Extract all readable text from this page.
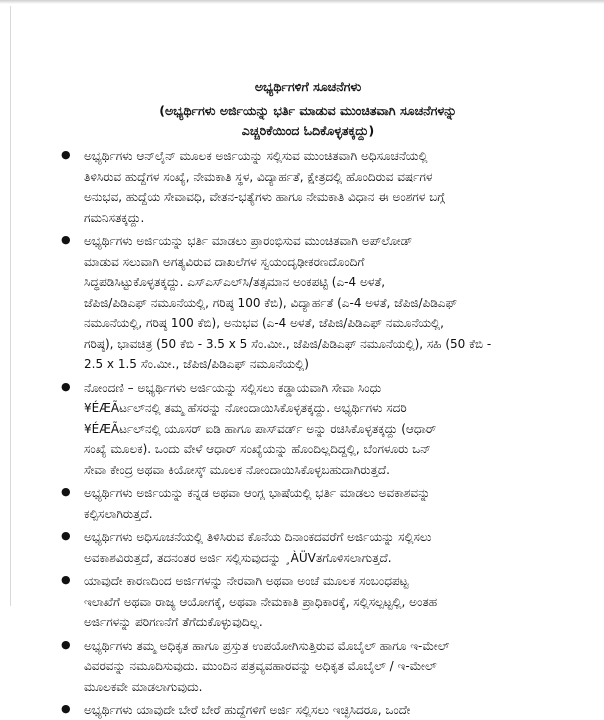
ಅಭ್ಯರ್ಥಿಗಳಿಗೆ ಸೂಚನೆಗಳು
(ಅಭ್ಯರ್ಥಿಗಳು ಅರ್ಜಿಯನ್ನು ಭರ್ತಿ ಮಾಡುವ ಮುಂಚಿತವಾಗಿ ಸೂಚನೆಗಳನ್ನು
ಎಚ್ಚರಿಕೆಯಿಂದ ಓದಿಕೊಳ್ಳತಕ್ಕದ್ದು)
● ಅಭ್ಯರ್ಥಿಗಳು ಆನ್‌ಲೈನ್ ಮೂಲಕ ಅರ್ಜಿಯನ್ನು ಸಲ್ಲಿಸುವ ಮುಂಚಿತವಾಗಿ ಅಧಿಸೂಚನೆಯಲ್ಲಿ
ತಿಳಿಸಿರುವ ಹುದ್ದೆಗಳ ಸಂಖ್ಯೆ, ನೇಮಕಾತಿ ಸ್ಥಳ, ವಿದ್ಯಾರ್ಹತೆ, ಕ್ಷೇತ್ರದಲ್ಲಿ ಹೊಂದಿರುವ ವರ್ಷಗಳ
ಅನುಭವ, ಹುದ್ದೆಯ ಸೇವಾವಧಿ, ವೇತನ-ಭತ್ಯೆಗಳು ಹಾಗೂ ನೇಮಕಾತಿ ವಿಧಾನ ಈ ಅಂಶಗಳ ಬಗ್ಗೆ
ಗಮನಿಸತಕ್ಕದ್ದು.
● ಅಭ್ಯರ್ಥಿಗಳು ಅರ್ಜಿಯನ್ನು ಭರ್ತಿ ಮಾಡಲು ಪ್ರಾರಂಭಿಸುವ ಮುಂಚಿತವಾಗಿ ಅಪ್‌ಲೋಡ್
ಮಾಡುವ ಸಲುವಾಗಿ ಅಗತ್ಯವಿರುವ ದಾಖಲೆಗಳ ಸ್ವಯಂದೃಢೀಕರಣದೊಂದಿಗೆ
ಸಿದ್ಧಪಡಿಸಿಟ್ಟುಕೊಳ್ಳತಕ್ಕದ್ದು. ಎಸ್‌ಎಸ್‌ಎಲ್‌ಸಿ/ತತ್ಸಮಾನ ಅಂಕಪಟ್ಟಿ (ಎ-4 ಅಳತೆ,
ಜೆಪಿಜಿ/ಪಿಡಿಎಫ್ ನಮೂನೆಯಲ್ಲಿ, ಗರಿಷ್ಠ 100 ಕೆಬಿ), ವಿದ್ಯಾರ್ಹತೆ (ಎ-4 ಅಳತೆ, ಜೆಪಿಜಿ/ಪಿಡಿಎಫ್
ನಮೂನೆಯಲ್ಲಿ, ಗರಿಷ್ಠ 100 ಕೆಬಿ), ಅನುಭವ (ಎ-4 ಅಳತೆ, ಜೆಪಿಜಿ/ಪಿಡಿಎಫ್ ನಮೂನೆಯಲ್ಲಿ,
ಗರಿಷ್ಠ), ಭಾವಚಿತ್ರ (50 ಕೆಬಿ - 3.5 x 5 ಸೆಂ.ಮೀ., ಜೆಪಿಜಿ/ಪಿಡಿಎಫ್ ನಮೂನೆಯಲ್ಲಿ), ಸಹಿ (50 ಕೆಬಿ -
2.5 x 1.5 ಸೆಂ.ಮೀ., ಜೆಪಿಜಿ/ಪಿಡಿಎಫ್ ನಮೂನೆಯಲ್ಲಿ)
● ನೋಂದಣಿ – ಅಭ್ಯರ್ಥಿಗಳು ಅರ್ಜಿಯನ್ನು ಸಲ್ಲಿಸಲು ಕಡ್ಡಾಯವಾಗಿ ಸೇವಾ ಸಿಂಧು
¥ÉÆÃರ್ಟಲ್‌ನಲ್ಲಿ ತಮ್ಮ ಹೆಸರನ್ನು ನೋಂದಾಯಿಸಿಕೊಳ್ಳತಕ್ಕದ್ದು. ಅಭ್ಯರ್ಥಿಗಳು ಸದರಿ
¥ÉÆÃರ್ಟಲ್‌ನಲ್ಲಿ ಯೂಸರ್ ಐಡಿ ಹಾಗೂ ಪಾಸ್‌ವರ್ಡ್ ಅನ್ನು ರಚಿಸಿಕೊಳ್ಳತಕ್ಕದ್ದು (ಆಧಾರ್
ಸಂಖ್ಯೆ ಮೂಲಕ). ಒಂದು ವೇಳೆ ಆಧಾರ್ ಸಂಖ್ಯೆಯನ್ನು ಹೊಂದಿಲ್ಲದಿದ್ದಲ್ಲಿ, ಬೆಂಗಳೂರು ಒನ್
ಸೇವಾ ಕೇಂದ್ರ ಅಥವಾ ಕಿಯೋಸ್ಕ್ ಮೂಲಕ ನೋಂದಾಯಿಸಿಕೊಳ್ಳಬಹುದಾಗಿರುತ್ತದೆ.
● ಅಭ್ಯರ್ಥಿಗಳು ಅರ್ಜಿಯನ್ನು ಕನ್ನಡ ಅಥವಾ ಆಂಗ್ಲ ಭಾಷೆಯಲ್ಲಿ ಭರ್ತಿ ಮಾಡಲು ಅವಕಾಶವನ್ನು
ಕಲ್ಪಿಸಲಾಗಿರುತ್ತದೆ.
● ಅಭ್ಯರ್ಥಿಗಳು ಅಧಿಸೂಚನೆಯಲ್ಲಿ ತಿಳಿಸಿರುವ ಕೊನೆಯ ದಿನಾಂಕದವರೆಗೆ ಅರ್ಜಿಯನ್ನು ಸಲ್ಲಿಸಲು
ಅವಕಾಶವಿರುತ್ತದೆ, ತದನಂತರ ಅರ್ಜಿ ಸಲ್ಲಿಸುವುದನ್ನು ¸ÀÜVತಗೊಳಿಸಲಾಗುತ್ತದೆ.
● ಯಾವುದೇ ಕಾರಣದಿಂದ ಅರ್ಜಿಗಳನ್ನು ನೇರವಾಗಿ ಅಥವಾ ಅಂಚೆ ಮೂಲಕ ಸಂಬಂಧಪಟ್ಟ
ಇಲಾಖೆಗೆ ಅಥವಾ ರಾಜ್ಯ ಆಯೋಗಕ್ಕೆ, ಅಥವಾ ನೇಮಕಾತಿ ಪ್ರಾಧಿಕಾರಕ್ಕೆ, ಸಲ್ಲಿಸಲ್ಪಟ್ಟಲ್ಲಿ, ಅಂತಹ
ಅರ್ಜಿಗಳನ್ನು ಪರಿಗಣನೆಗೆ ತೆಗೆದುಕೊಳ್ಳುವುದಿಲ್ಲ.
● ಅಭ್ಯರ್ಥಿಗಳು ತಮ್ಮ ಅಧಿಕೃತ ಹಾಗೂ ಪ್ರಸ್ತುತ ಉಪಯೋಗಿಸುತ್ತಿರುವ ಮೊಬೈಲ್ ಹಾಗೂ ಇ-ಮೇಲ್
ವಿವರವನ್ನು ನಮೂದಿಸುವುದು. ಮುಂದಿನ ಪತ್ರವ್ಯವಹಾರವನ್ನು ಅಧಿಕೃತ ಮೊಬೈಲ್ / ಇ-ಮೇಲ್
ಮೂಲಕವೇ ಮಾಡಲಾಗುವುದು.
● ಅಭ್ಯರ್ಥಿಗಳು ಯಾವುದೇ ಬೇರೆ ಬೇರೆ ಹುದ್ದೆಗಳಿಗೆ ಅರ್ಜಿ ಸಲ್ಲಿಸಲು ಇಚ್ಛಿಸಿದರೂ, ಒಂದೇ
